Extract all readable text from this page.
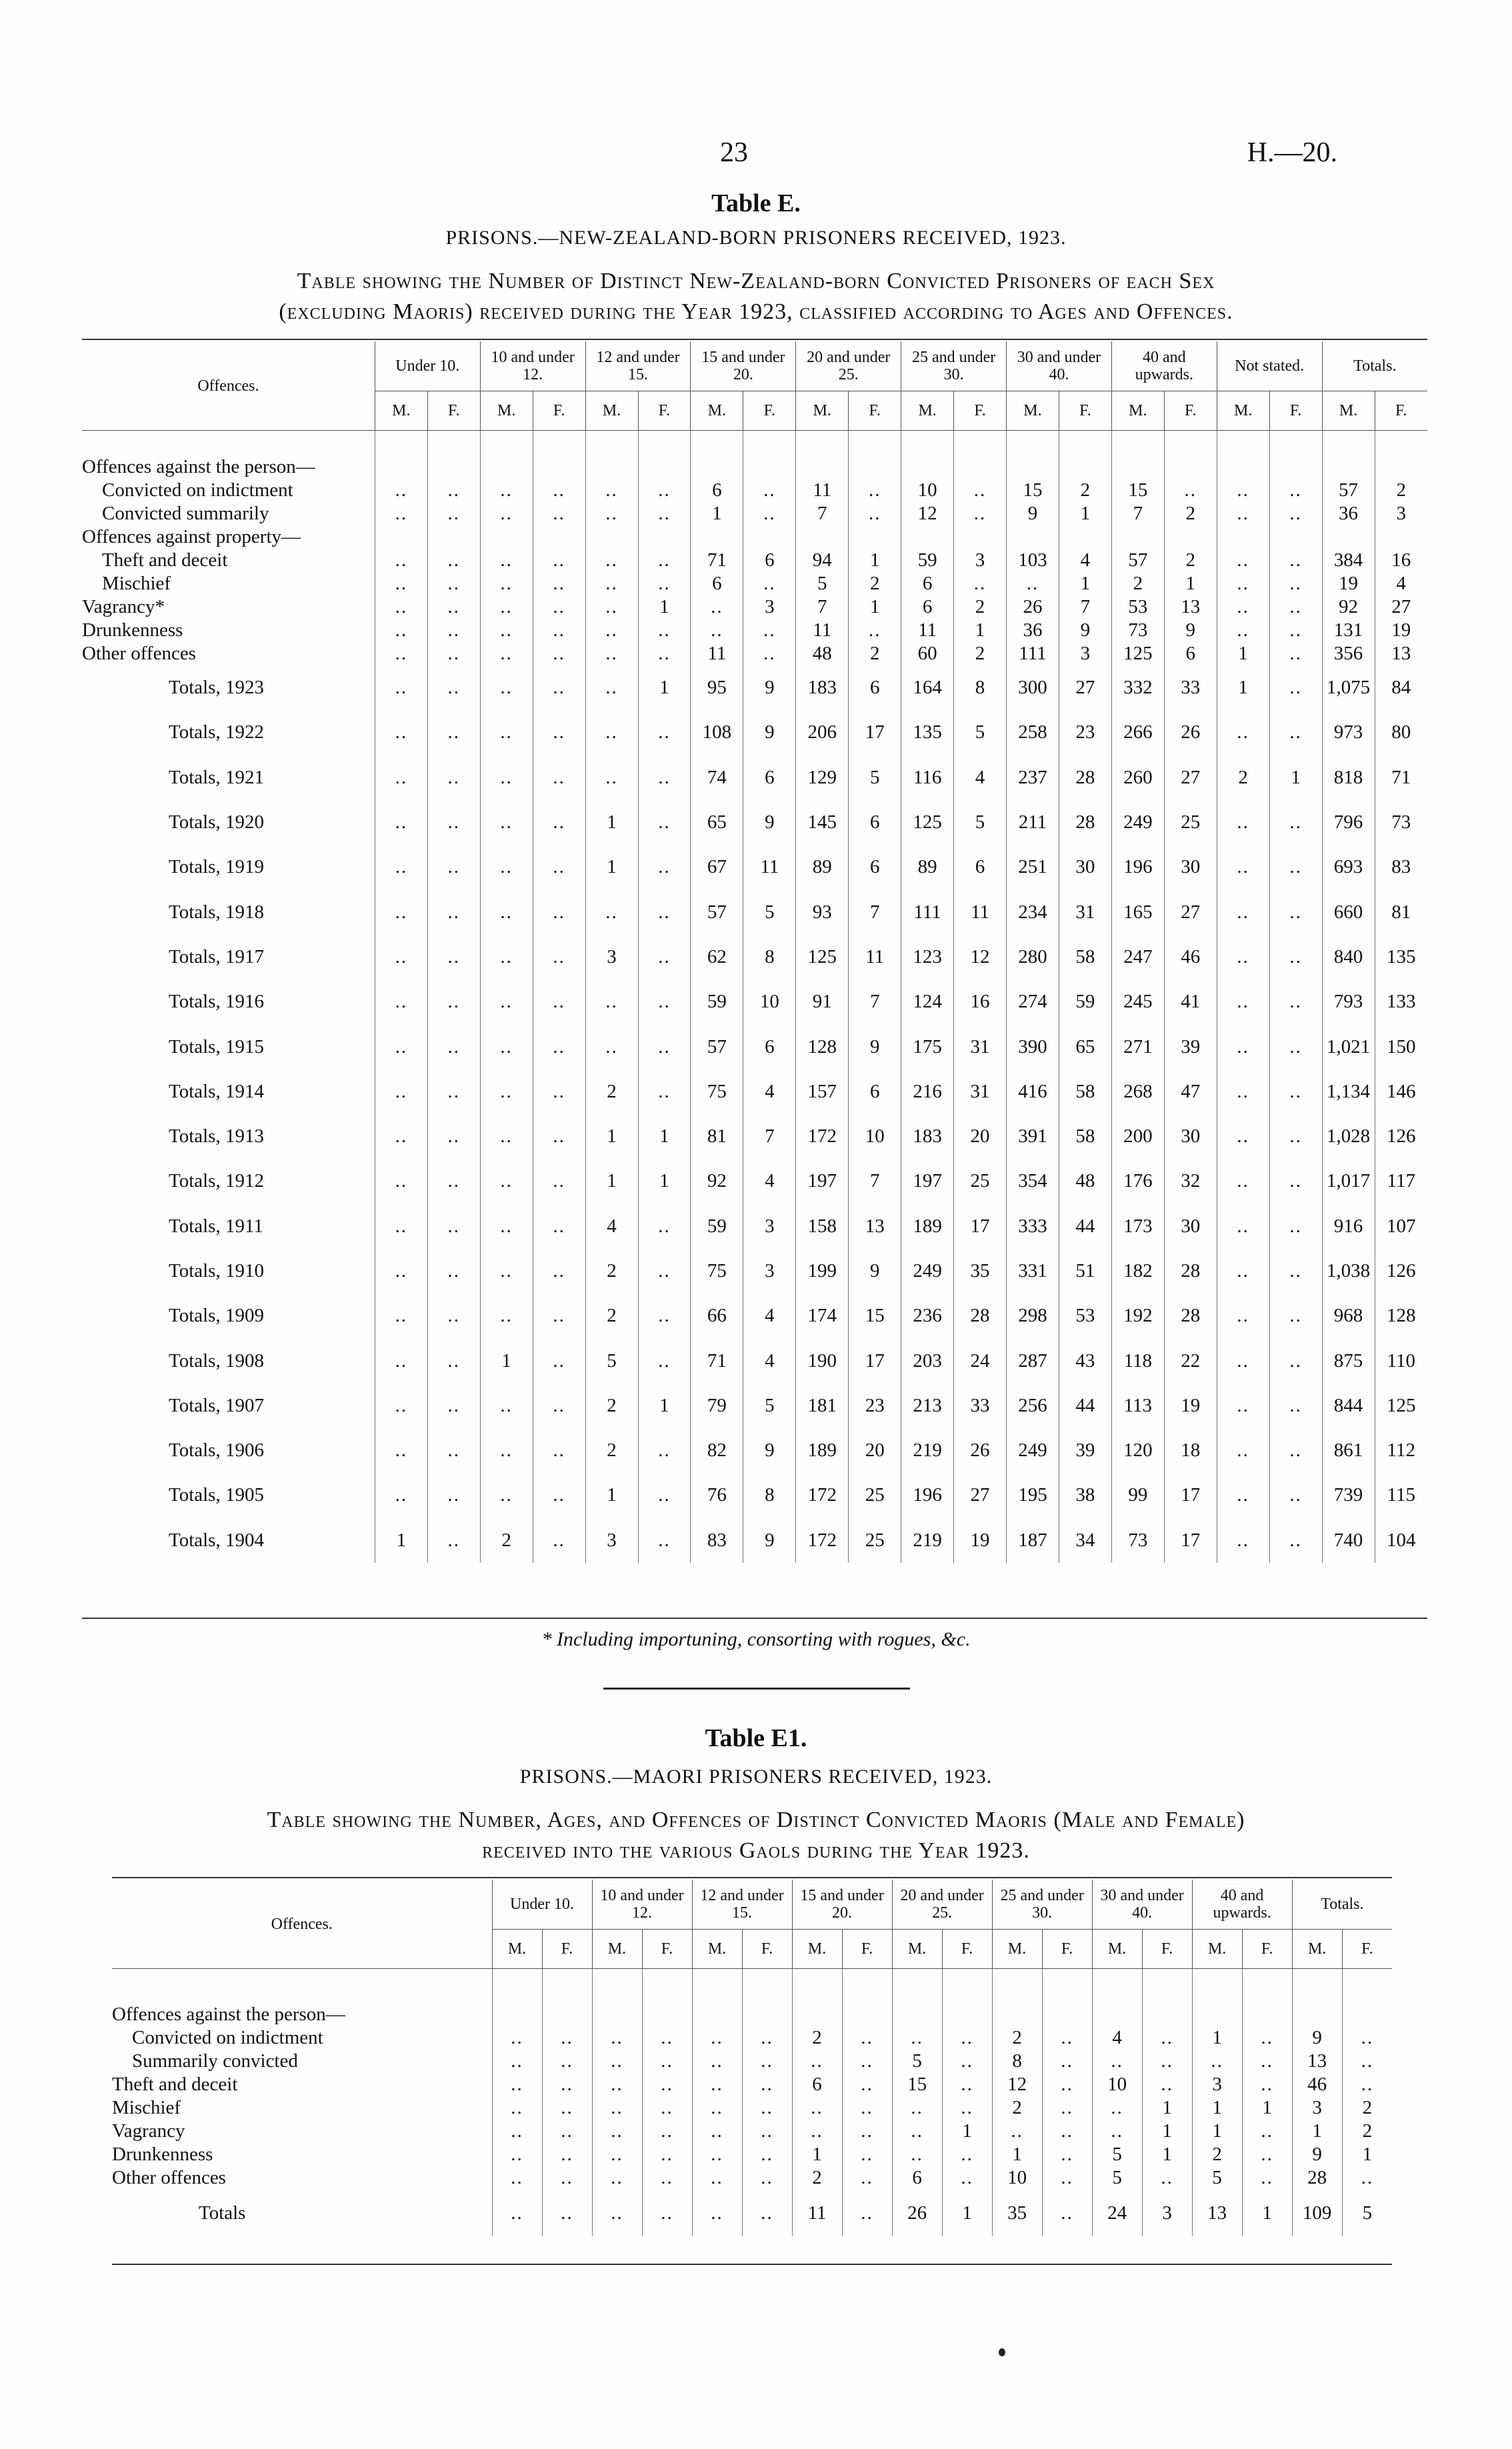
23	H.—20.
Table E.
PRISONS.—NEW-ZEALAND-BORN PRISONERS RECEIVED, 1923.
Table showing the Number of Distinct New-Zealand-born Convicted Prisoners of each Sex
(excluding Maoris) received during the Year 1923, classified according to Ages and Offences.
Offences.	Under 10.		10 and under 12.		12 and under 15.		15 and under 20.		20 and under 25.		25 and under 30.		30 and under 40.		40 and upwards.		Not stated.		Totals.	
	M.	F.	M.	F.	M.	F.	M.	F.	M.	F.	M.	F.	M.	F.	M.	F.	M.	F.	M.	F.
Offences against the person—																				
Convicted on indictment	..	..	..	..	..	..	6	..	11	..	10	..	15	2	15	..	..	..	57	2
Convicted summarily	..	..	..	..	..	..	1	..	7	..	12	..	9	1	7	2	..	..	36	3
Offences against property—																				
Theft and deceit	..	..	..	..	..	..	71	6	94	1	59	3	103	4	57	2	..	..	384	16
Mischief	..	..	..	..	..	..	6	..	5	2	6	..	..	1	2	1	..	..	19	4
Vagrancy*	..	..	..	..	..	1	..	3	7	1	6	2	26	7	53	13	..	..	92	27
Drunkenness	..	..	..	..	..	..	..	..	11	..	11	1	36	9	73	9	..	..	131	19
Other offences	..	..	..	..	..	..	11	..	48	2	60	2	111	3	125	6	1	..	356	13
Totals, 1923	..	..	..	..	..	1	95	9	183	6	164	8	300	27	332	33	1	..	1,075	84
Totals, 1922	..	..	..	..	..	..	108	9	206	17	135	5	258	23	266	26	..	..	973	80
Totals, 1921	..	..	..	..	..	..	74	6	129	5	116	4	237	28	260	27	2	1	818	71
Totals, 1920	..	..	..	..	1	..	65	9	145	6	125	5	211	28	249	25	..	..	796	73
Totals, 1919	..	..	..	..	1	..	67	11	89	6	89	6	251	30	196	30	..	..	693	83
Totals, 1918	..	..	..	..	..	..	57	5	93	7	111	11	234	31	165	27	..	..	660	81
Totals, 1917	..	..	..	..	3	..	62	8	125	11	123	12	280	58	247	46	..	..	840	135
Totals, 1916	..	..	..	..	..	..	59	10	91	7	124	16	274	59	245	41	..	..	793	133
Totals, 1915	..	..	..	..	..	..	57	6	128	9	175	31	390	65	271	39	..	..	1,021	150
Totals, 1914	..	..	..	..	2	..	75	4	157	6	216	31	416	58	268	47	..	..	1,134	146
Totals, 1913	..	..	..	..	1	1	81	7	172	10	183	20	391	58	200	30	..	..	1,028	126
Totals, 1912	..	..	..	..	1	1	92	4	197	7	197	25	354	48	176	32	..	..	1,017	117
Totals, 1911	..	..	..	..	4	..	59	3	158	13	189	17	333	44	173	30	..	..	916	107
Totals, 1910	..	..	..	..	2	..	75	3	199	9	249	35	331	51	182	28	..	..	1,038	126
Totals, 1909	..	..	..	..	2	..	66	4	174	15	236	28	298	53	192	28	..	..	968	128
Totals, 1908	..	..	1	..	5	..	71	4	190	17	203	24	287	43	118	22	..	..	875	110
Totals, 1907	..	..	..	..	2	1	79	5	181	23	213	33	256	44	113	19	..	..	844	125
Totals, 1906	..	..	..	..	2	..	82	9	189	20	219	26	249	39	120	18	..	..	861	112
Totals, 1905	..	..	..	..	1	..	76	8	172	25	196	27	195	38	99	17	..	..	739	115
Totals, 1904	1	..	2	..	3	..	83	9	172	25	219	19	187	34	73	17	..	..	740	104
* Including importuning, consorting with rogues, &c.
Table E1.
PRISONS.—MAORI PRISONERS RECEIVED, 1923.
Table showing the Number, Ages, and Offences of Distinct Convicted Maoris (Male and Female)
received into the various Gaols during the Year 1923.
Offences.	Under 10.		10 and under 12.		12 and under 15.		15 and under 20.		20 and under 25.		25 and under 30.		30 and under 40.		40 and upwards.		Totals.	
	M.	F.	M.	F.	M.	F.	M.	F.	M.	F.	M.	F.	M.	F.	M.	F.	M.	F.
Offences against the person—																		
Convicted on indictment	..	..	..	..	..	..	2	..	..	..	2	..	4	..	1	..	9	..
Summarily convicted	..	..	..	..	..	..	..	..	5	..	8	..	..	..	..	..	13	..
Theft and deceit	..	..	..	..	..	..	6	..	15	..	12	..	10	..	3	..	46	..
Mischief	..	..	..	..	..	..	..	..	..	..	2	..	..	1	1	1	3	2
Vagrancy	..	..	..	..	..	..	..	..	..	1	..	..	..	1	1	..	1	2
Drunkenness	..	..	..	..	..	..	1	..	..	..	1	..	5	1	2	..	9	1
Other offences	..	..	..	..	..	..	2	..	6	..	10	..	5	..	5	..	28	..
Totals	..	..	..	..	..	..	11	..	26	1	35	..	24	3	13	1	109	5
